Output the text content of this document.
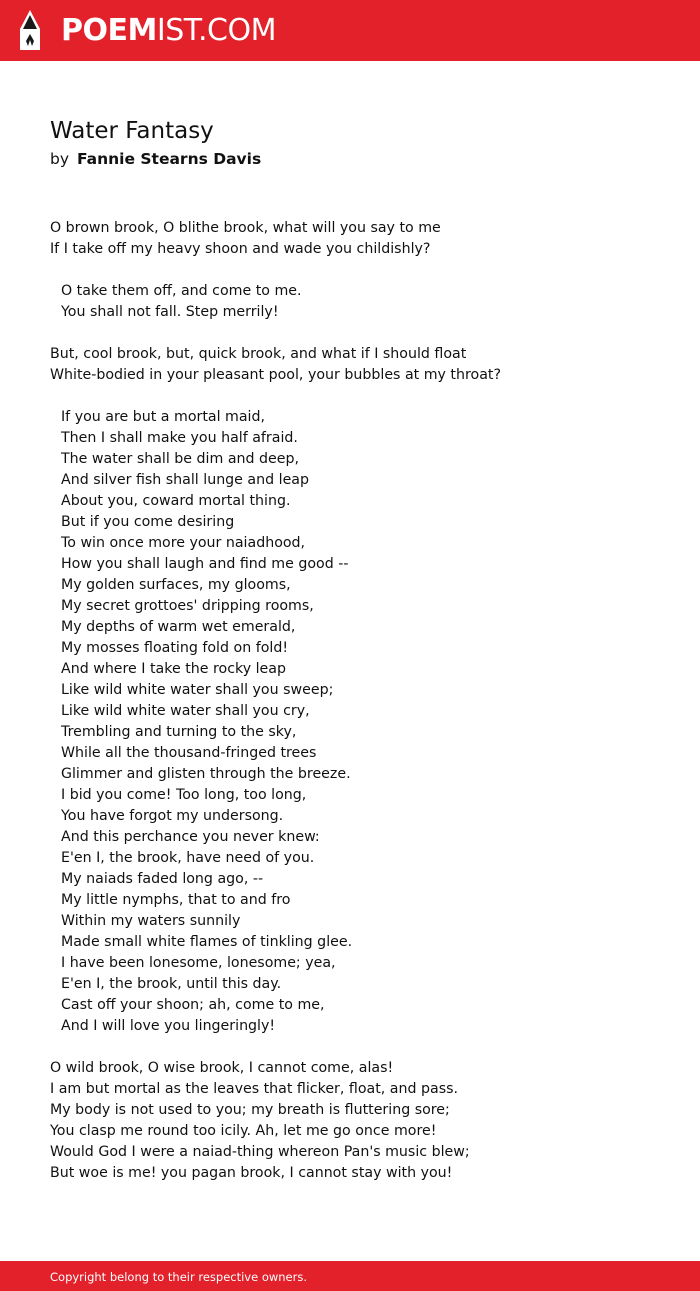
POEMIST.COM
Water Fantasy
by Fannie Stearns Davis
O brown brook, O blithe brook, what will you say to me
If I take off my heavy shoon and wade you childishly?
O take them off, and come to me.
You shall not fall. Step merrily!
But, cool brook, but, quick brook, and what if I should float
White-bodied in your pleasant pool, your bubbles at my throat?
If you are but a mortal maid,
Then I shall make you half afraid.
The water shall be dim and deep,
And silver fish shall lunge and leap
About you, coward mortal thing.
But if you come desiring
To win once more your naiadhood,
How you shall laugh and find me good --
My golden surfaces, my glooms,
My secret grottoes' dripping rooms,
My depths of warm wet emerald,
My mosses floating fold on fold!
And where I take the rocky leap
Like wild white water shall you sweep;
Like wild white water shall you cry,
Trembling and turning to the sky,
While all the thousand-fringed trees
Glimmer and glisten through the breeze.
I bid you come! Too long, too long,
You have forgot my undersong.
And this perchance you never knew:
E'en I, the brook, have need of you.
My naiads faded long ago, --
My little nymphs, that to and fro
Within my waters sunnily
Made small white flames of tinkling glee.
I have been lonesome, lonesome; yea,
E'en I, the brook, until this day.
Cast off your shoon; ah, come to me,
And I will love you lingeringly!
O wild brook, O wise brook, I cannot come, alas!
I am but mortal as the leaves that flicker, float, and pass.
My body is not used to you; my breath is fluttering sore;
You clasp me round too icily. Ah, let me go once more!
Would God I were a naiad-thing whereon Pan's music blew;
But woe is me! you pagan brook, I cannot stay with you!
Copyright belong to their respective owners.
